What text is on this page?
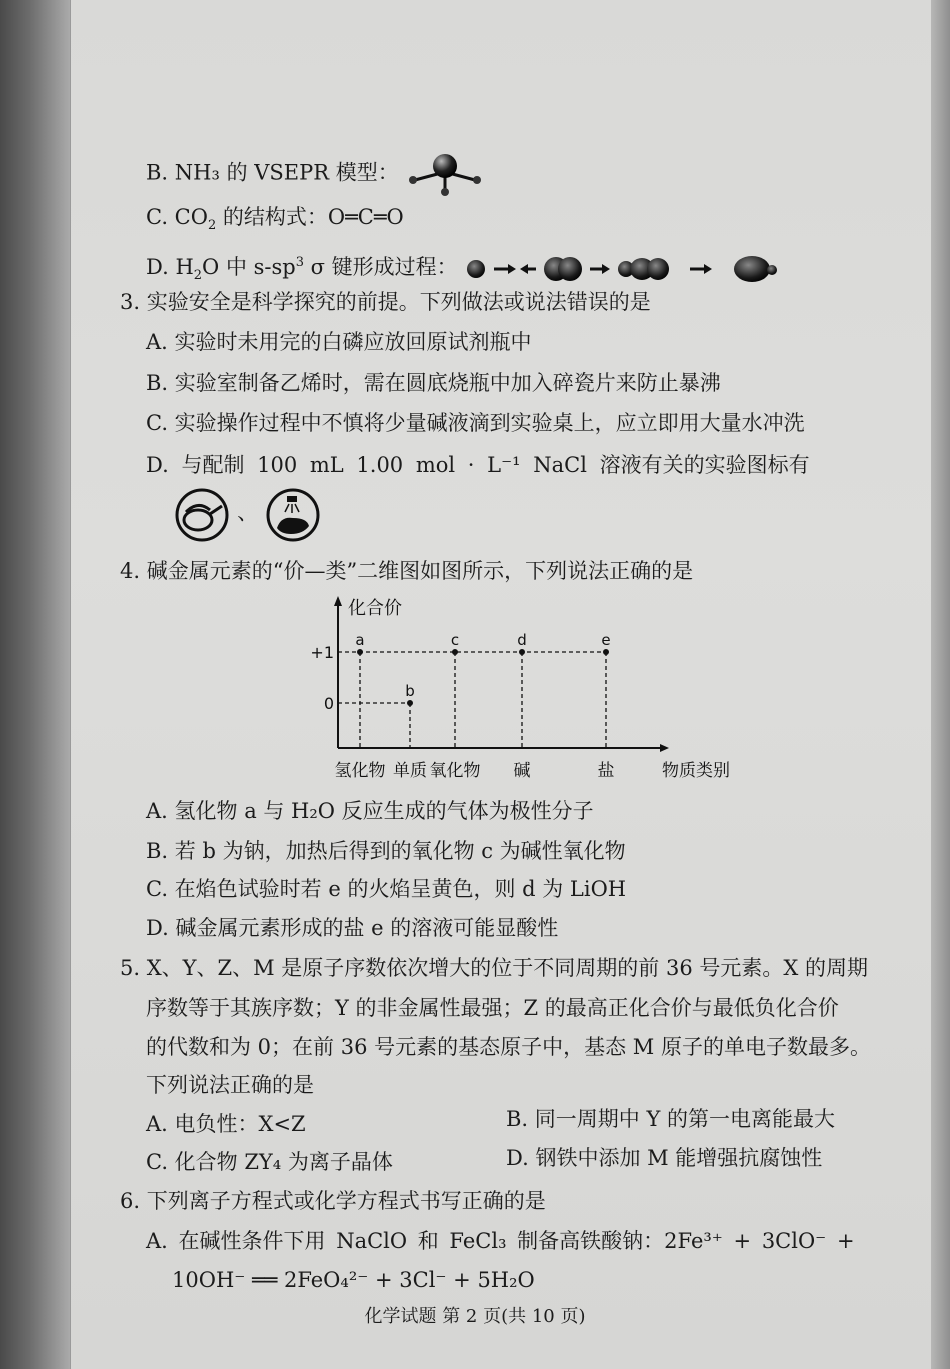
B. NH₃ 的 VSEPR 模型：
C. $CO_2$ 的结构式：O═C═O
D. $H_2O$ 中 $s-sp^3$ σ 键形成过程：
3. 实验安全是科学探究的前提。下列做法或说法错误的是
A. 实验时未用完的白磷应放回原试剂瓶中
B. 实验室制备乙烯时，需在圆底烧瓶中加入碎瓷片来防止暴沸
C. 实验操作过程中不慎将少量碱液滴到实验桌上，应立即用大量水冲洗
D. 与配制 100 mL 1.00 mol · L⁻¹ NaCl 溶液有关的实验图标有
、
4. 碱金属元素的“价—类”二维图如图所示，下列说法正确的是
化合价
+1
0
氢化物 单质 氧化物 碱	盐	物质类别
a
b
c	d	e
A. 氢化物 a 与 H₂O 反应生成的气体为极性分子
B. 若 b 为钠，加热后得到的氧化物 c 为碱性氧化物
C. 在焰色试验时若 e 的火焰呈黄色，则 d 为 LiOH
D. 碱金属元素形成的盐 e 的溶液可能显酸性
5. X、Y、Z、M 是原子序数依次增大的位于不同周期的前 36 号元素。X 的周期
序数等于其族序数；Y 的非金属性最强；Z 的最高正化合价与最低负化合价
的代数和为 0；在前 36 号元素的基态原子中，基态 M 原子的单电子数最多。
下列说法正确的是
A. 电负性：X<Z	B. 同一周期中 Y 的第一电离能最大
C. 化合物 ZY₄ 为离子晶体	D. 钢铁中添加 M 能增强抗腐蚀性
6. 下列离子方程式或化学方程式书写正确的是
A. 在碱性条件下用 NaClO 和 FeCl₃ 制备高铁酸钠：2Fe³⁺ + 3ClO⁻ +
10OH⁻ ══ 2FeO₄²⁻ + 3Cl⁻ + 5H₂O
化学试题 第 2 页(共 10 页)
